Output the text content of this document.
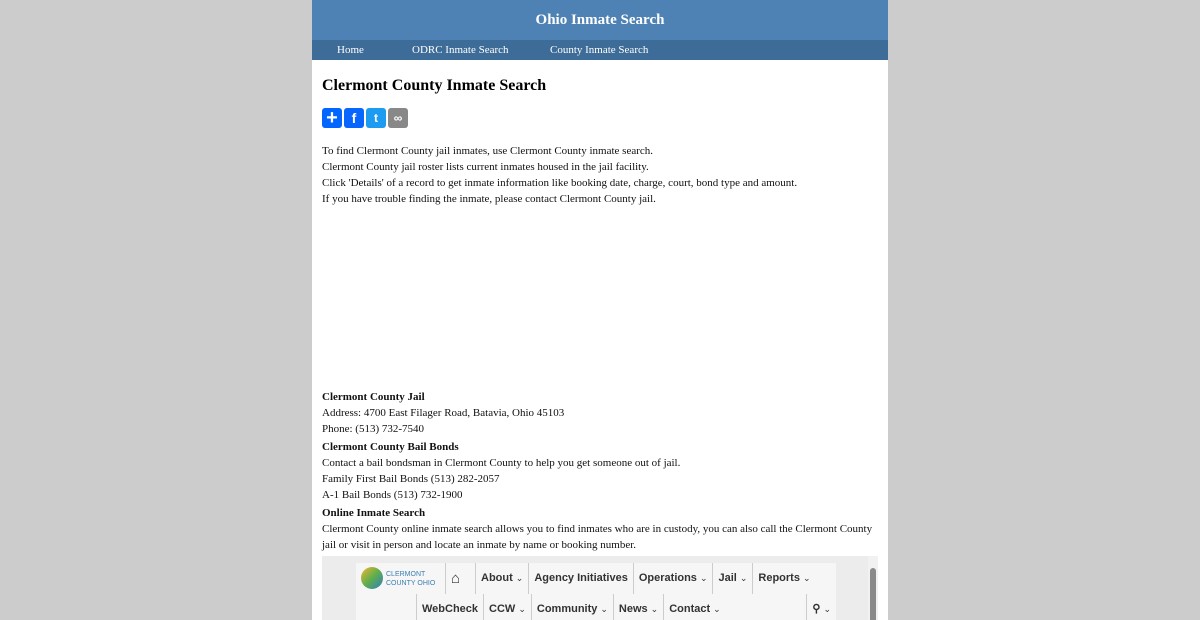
Ohio Inmate Search
Home	ODRC Inmate Search	County Inmate Search
Clermont County Inmate Search
+ f	t	∞
To find Clermont County jail inmates, use Clermont County inmate search.
Clermont County jail roster lists current inmates housed in the jail facility.
Click 'Details' of a record to get inmate information like booking date, charge, court, bond type and amount.
If you have trouble finding the inmate, please contact Clermont County jail.
Clermont County Jail
Address: 4700 East Filager Road, Batavia, Ohio 45103
Phone: (513) 732-7540
Clermont County Bail Bonds
Contact a bail bondsman in Clermont County to help you get someone out of jail.
Family First Bail Bonds (513) 282-2057
A-1 Bail Bonds (513) 732-1900
Online Inmate Search
Clermont County online inmate search allows you to find inmates who are in custody, you can also call the Clermont County jail or visit in person and locate an inmate by name or booking number.
CLERMONT COUNTY OHIO	⌂	About ⌄	Agency Initiatives	Operations ⌄	Jail ⌄	Reports ⌄
WebCheck	CCW ⌄	Community ⌄	News ⌄	Contact ⌄	⚲ ⌄
